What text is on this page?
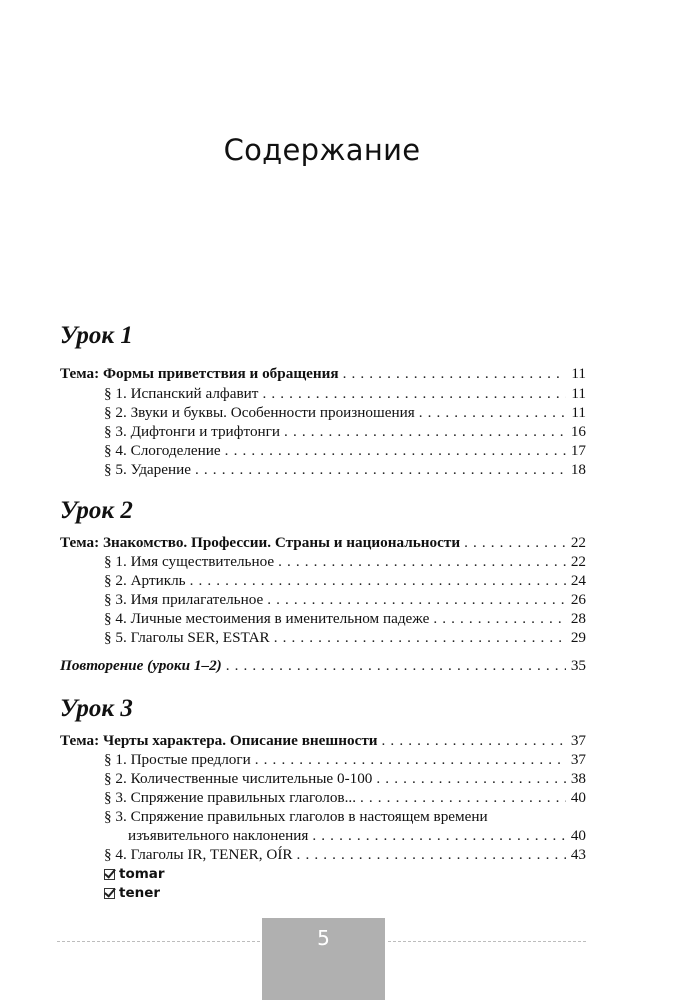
Содержание
Урок 1
Тема: Формы приветствия и обращения . . .	11
§ 1. Испанский алфавит . . .	11
§ 2. Звуки и буквы. Особенности произношения . . .	11
§ 3. Дифтонги и трифтонги . . .	16
§ 4. Слогоделение . . .	17
§ 5. Ударение . . .	18
Урок 2
Тема: Знакомство. Профессии. Страны и национальности . . .	22
§ 1. Имя существительное . . .	22
§ 2. Артикль . . .	24
§ 3. Имя прилагательное . . .	26
§ 4. Личные местоимения в именительном падеже . . .	28
§ 5. Глаголы SER, ESTAR . . .	29
Повторение (уроки 1–2) . . .	35
Урок 3
Тема: Черты характера. Описание внешности . . .	37
§ 1. Простые предлоги . . .	37
§ 2. Количественные числительные 0-100 . . .	38
§ 3. Спряжение правильных глаголов... . . .	40
§ 3. Спряжение правильных глаголов в настоящем времени
изъявительного наклонения . . .	40
§ 4. Глаголы IR, TENER, OÍR . . .	43
tomar
tener
5
